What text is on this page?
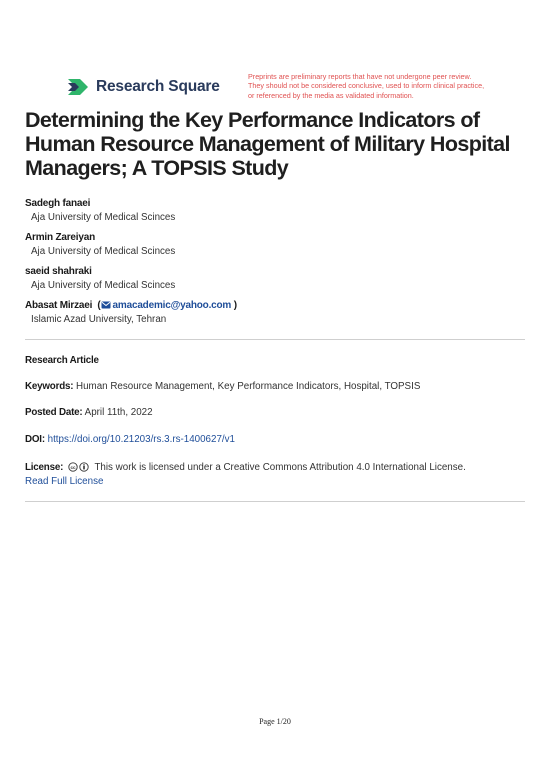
Research Square
Preprints are preliminary reports that have not undergone peer review.
They should not be considered conclusive, used to inform clinical practice,
or referenced by the media as validated information.
Determining the Key Performance Indicators of
Human Resource Management of Military Hospital
Managers; A TOPSIS Study
Sadegh fanaei
Aja University of Medical Scinces
Armin Zareiyan
Aja University of Medical Scinces
saeid shahraki
Aja University of Medical Scinces
Abasat Mirzaei  ( amacademic@yahoo.com )
Islamic Azad University, Tehran
Research Article
Keywords: Human Resource Management, Key Performance Indicators, Hospital, TOPSIS
Posted Date: April 11th, 2022
DOI: https://doi.org/10.21203/rs.3.rs-1400627/v1
License: cc This work is licensed under a Creative Commons Attribution 4.0 International License.
Read Full License
Page 1/20
